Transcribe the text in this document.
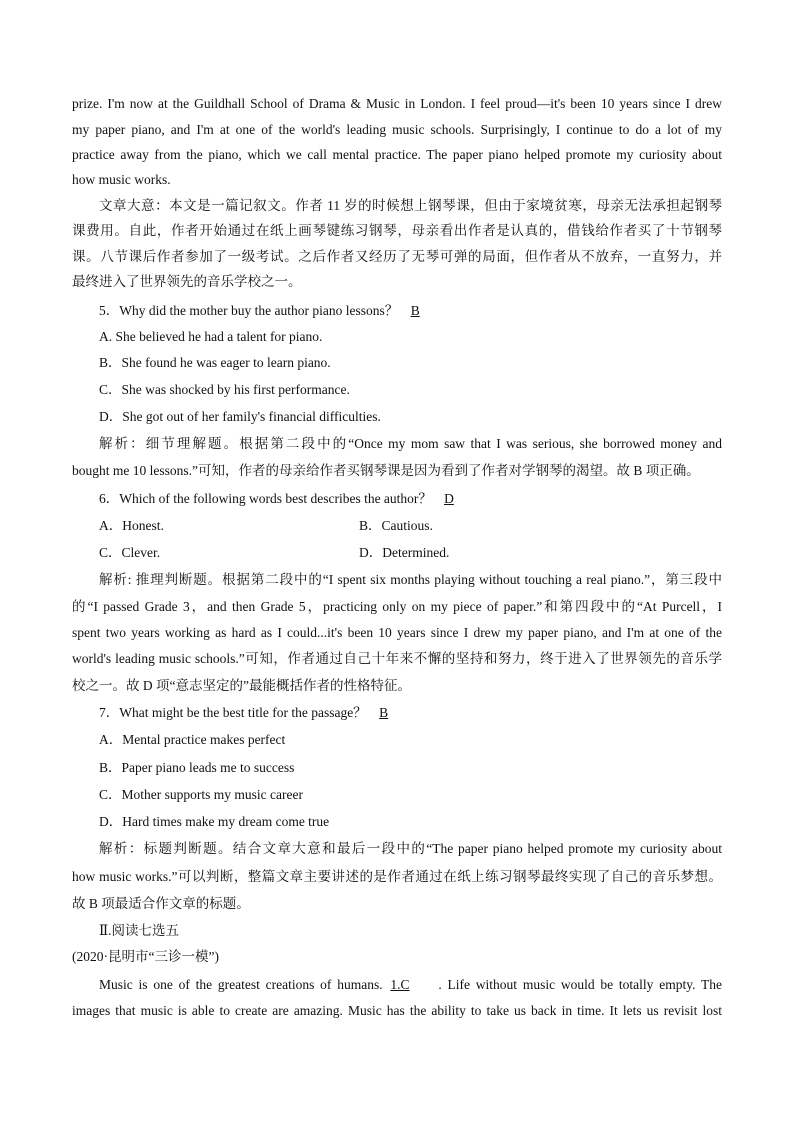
prize. I'm now at the Guildhall School of Drama & Music in London. I feel proud—it's been 10 years since I drew
my paper piano, and I'm at one of the world's leading music schools. Surprisingly, I continue to do a lot of my
practice away from the piano, which we call mental practice. The paper piano helped promote my curiosity about
how music works.
文章大意：本文是一篇记叙文。作者 11 岁的时候想上钢琴课，但由于家境贫寒，母亲无法承担起钢琴
课费用。自此，作者开始通过在纸上画琴键练习钢琴，母亲看出作者是认真的，借钱给作者买了十节钢琴
课。八节课后作者参加了一级考试。之后作者又经历了无琴可弹的局面，但作者从不放弃，一直努力，并
最终进入了世界领先的音乐学校之一。
5．Why did the mother buy the author piano lessons？ B
A. She believed he had a talent for piano.
B．She found he was eager to learn piano.
C．She was shocked by his first performance.
D．She got out of her family's financial difficulties.
解析：细节理解题。根据第二段中的“Once my mom saw that I was serious, she borrowed money and
bought me 10 lessons.”可知，作者的母亲给作者买钢琴课是因为看到了作者对学钢琴的渴望。故 B 项正确。
6．Which of the following words best describes the author？ D
A．Honest.	B．Cautious.
C．Clever.	D．Determined.
解析: 推理判断题。根据第二段中的“I spent six months playing without touching a real piano.”，第三段中
的“I passed Grade 3，and then Grade 5，practicing only on my piece of paper.”和第四段中的“At Purcell，I
spent two years working as hard as I could...it's been 10 years since I drew my paper piano, and I'm at one of the
world's leading music schools.”可知，作者通过自己十年来不懈的坚持和努力，终于进入了世界领先的音乐学
校之一。故 D 项“意志坚定的”最能概括作者的性格特征。
7．What might be the best title for the passage？ B
A．Mental practice makes perfect
B．Paper piano leads me to success
C．Mother supports my music career
D．Hard times make my dream come true
解析：标题判断题。结合文章大意和最后一段中的“The paper piano helped promote my curiosity about
how music works.”可以判断，整篇文章主要讲述的是作者通过在纸上练习钢琴最终实现了自己的音乐梦想。
故 B 项最适合作文章的标题。
Ⅱ.阅读七选五
(2020·昆明市“三诊一模”)
Music is one of the greatest creations of humans. 1.C . Life without music would be totally empty. The
images that music is able to create are amazing. Music has the ability to take us back in time. It lets us revisit lost
